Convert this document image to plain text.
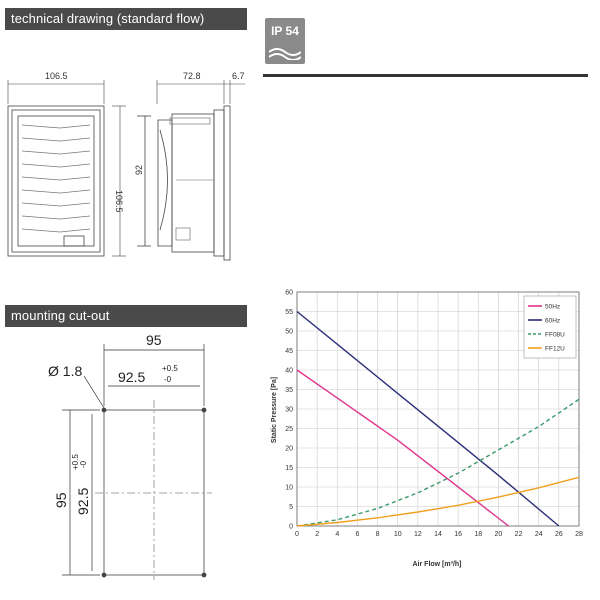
technical drawing (standard flow)
106.5
106.5
72.8	6.7
92
mounting cut-out
95
92.5
+0.5
-0
Ø 1.8
95 92.5
+0.5 -0
IP 54
0 2 4 6 8 10 12 14 16 18 20 22 24 26 28
0
5
10
15
20
25
30
35
40
45
50
55
60
50Hz
60Hz
FF08U
FF12U
Air Flow [m³/h]
Static Pressure [Pa]
